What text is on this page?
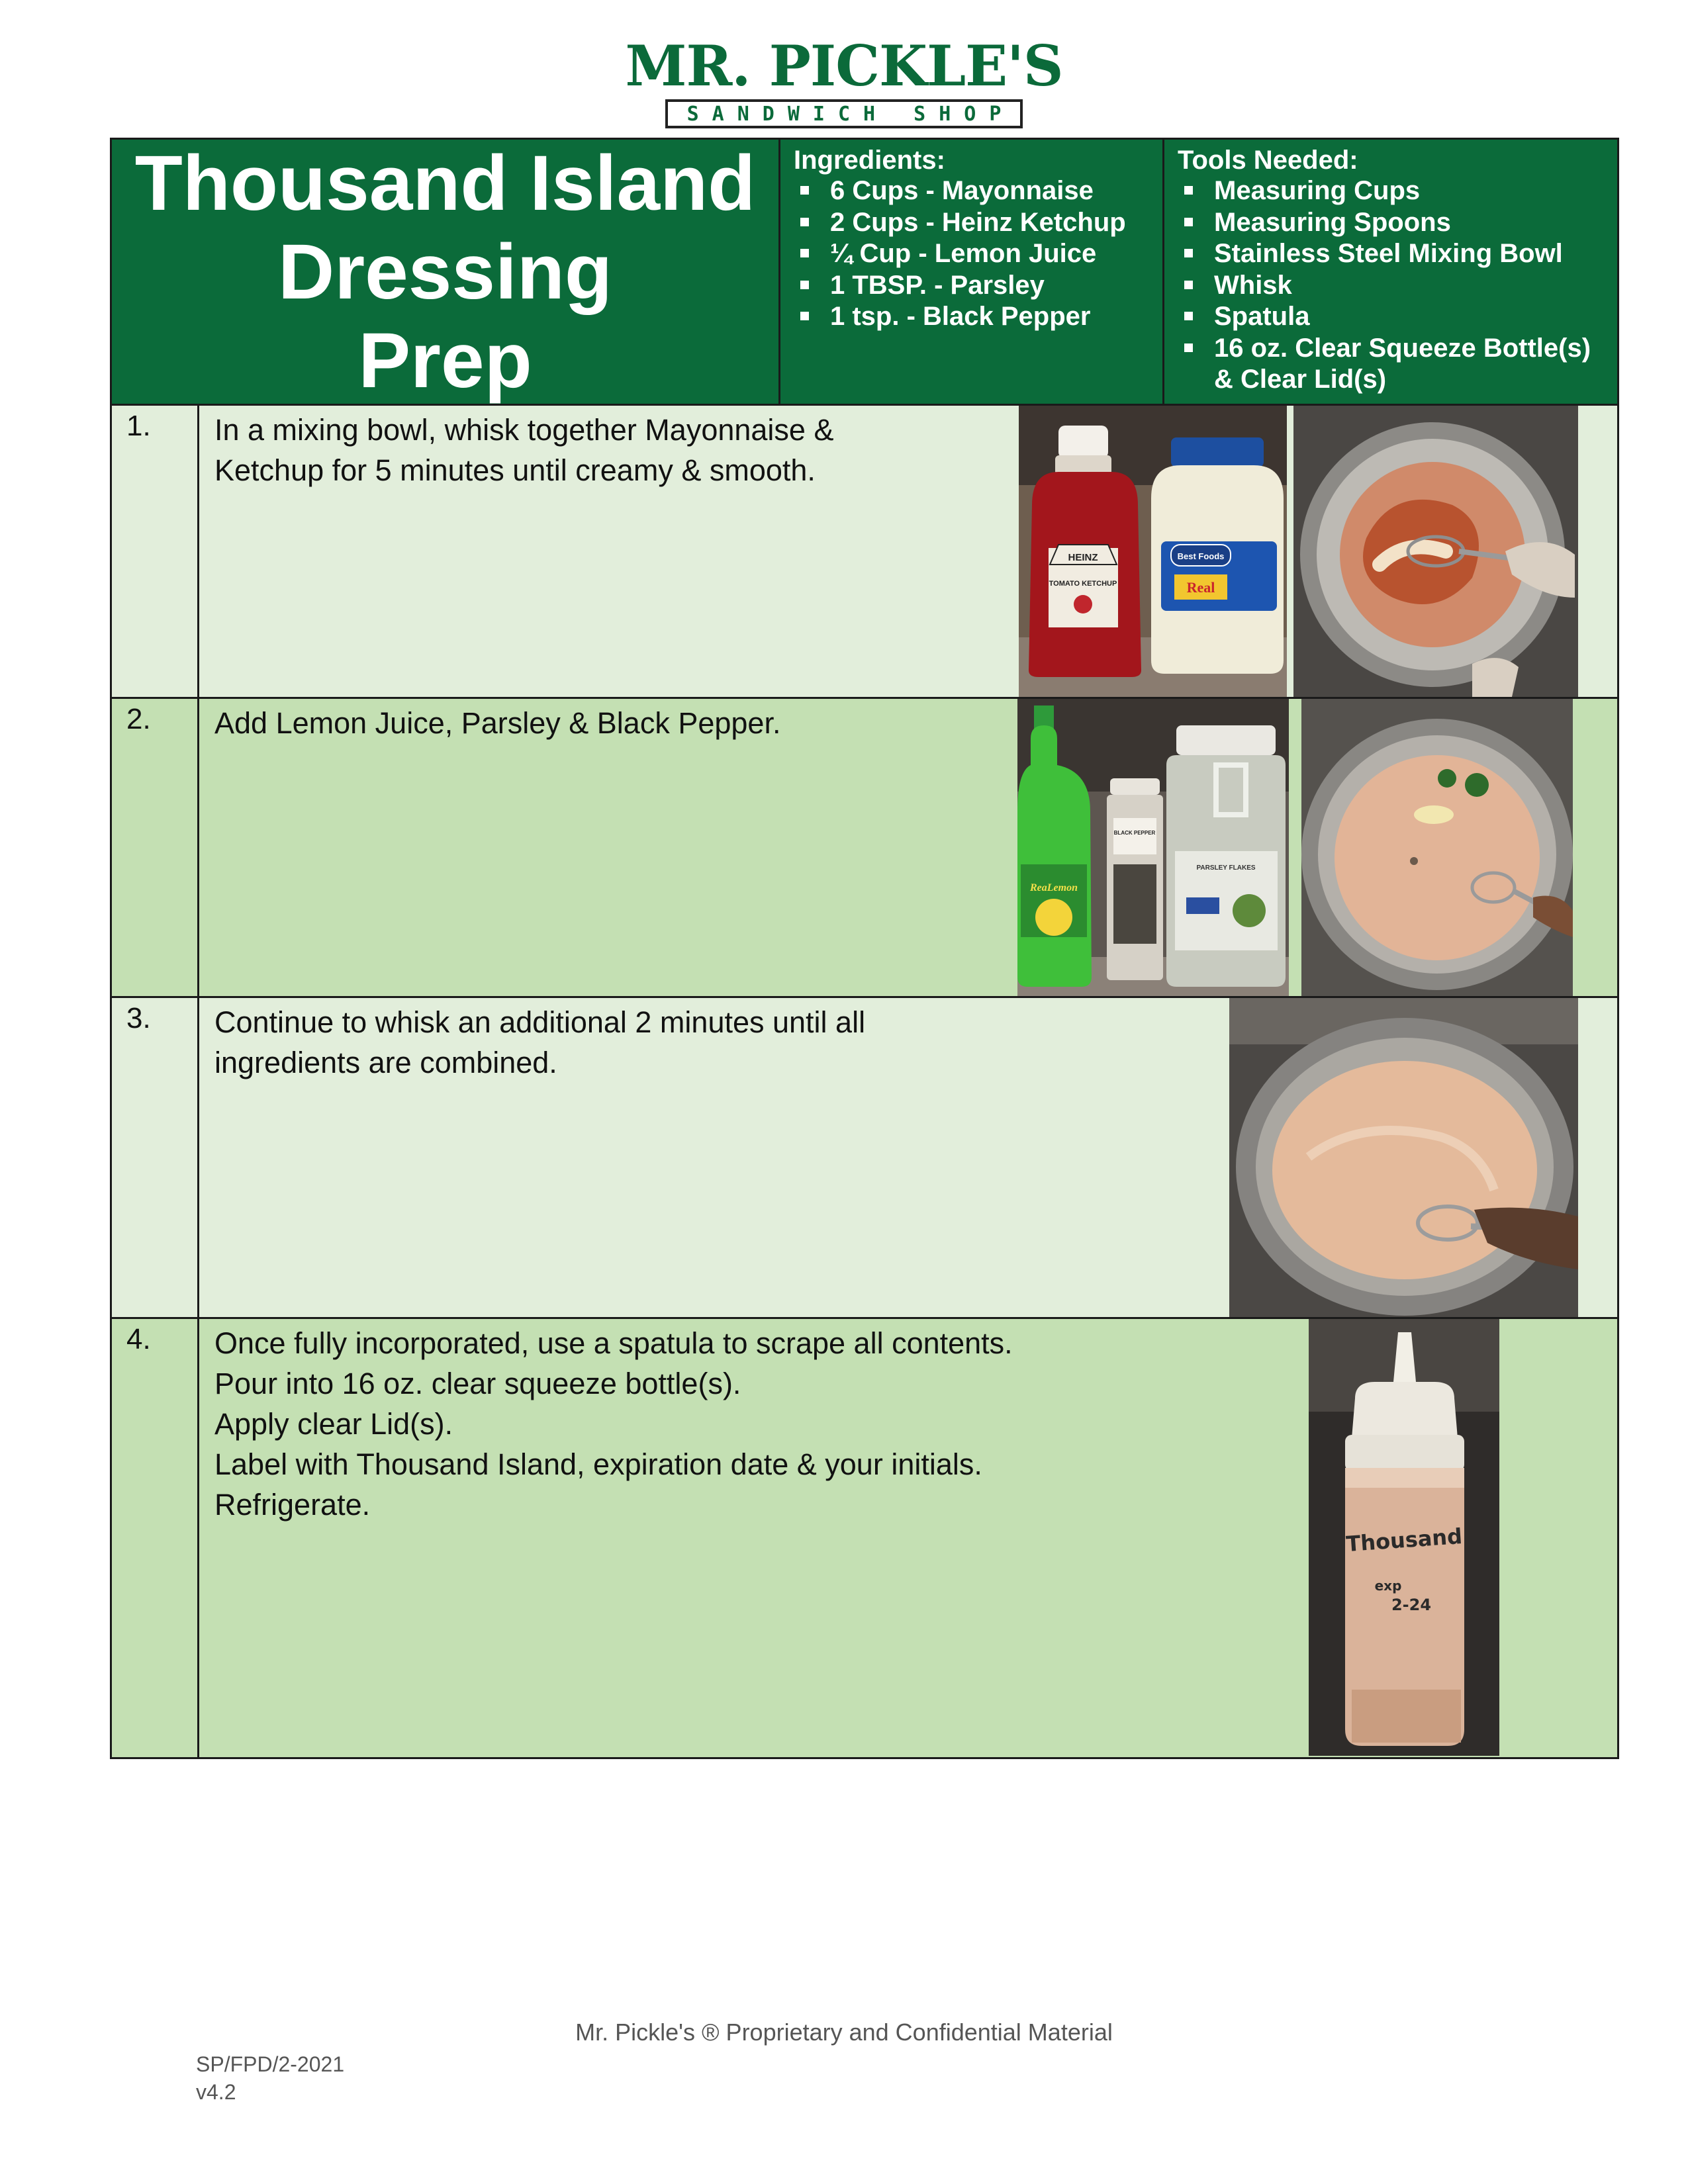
MR. PICKLE'S
SANDWICH SHOP
Thousand Island
Dressing
Prep
Ingredients:
6 Cups - Mayonnaise
2 Cups - Heinz Ketchup
¼ Cup - Lemon Juice
1 TBSP. - Parsley
1 tsp. - Black Pepper
Tools Needed:
Measuring Cups
Measuring Spoons
Stainless Steel Mixing Bowl
Whisk
Spatula
16 oz. Clear Squeeze Bottle(s)
& Clear Lid(s)
1.	In a mixing bowl, whisk together Mayonnaise &
Ketchup for 5 minutes until creamy & smooth.
HEINZ
TOMATO KETCHUP
Best Foods
Real
2.	Add Lemon Juice, Parsley & Black Pepper.
ReaLemon
BLACK PEPPER
PARSLEY FLAKES
3.	Continue to whisk an additional 2 minutes until all
ingredients are combined.
4.	Once fully incorporated, use a spatula to scrape all contents.
Pour into 16 oz. clear squeeze bottle(s).
Apply clear Lid(s).
Label with Thousand Island, expiration date & your initials.
Refrigerate.
Thousand
exp
2-24
Mr. Pickle's ® Proprietary and Confidential Material
SP/FPD/2-2021
v4.2
